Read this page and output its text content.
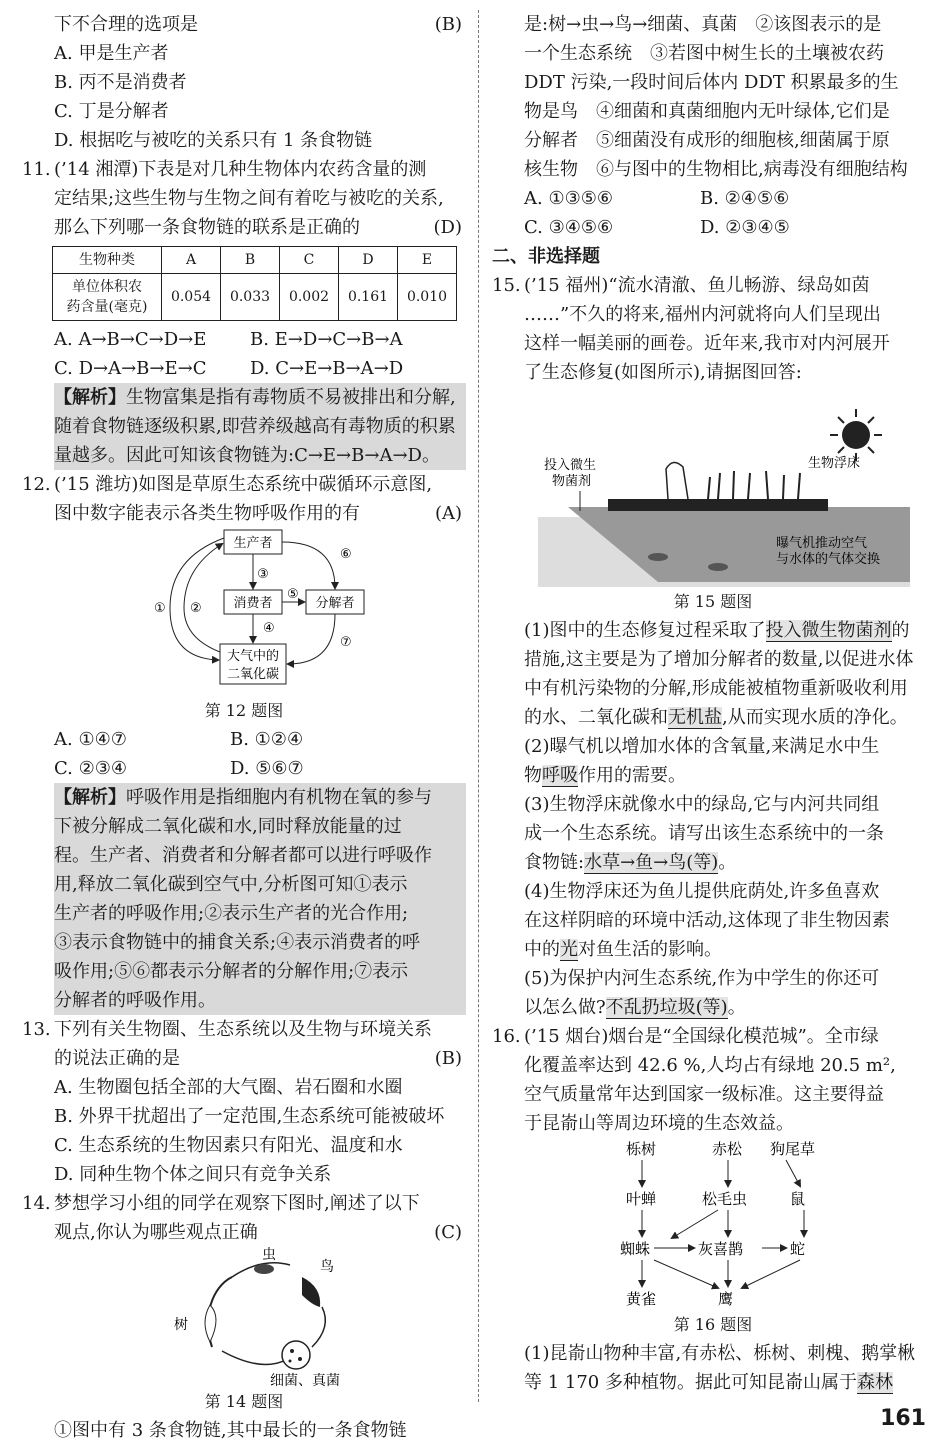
下不合理的选项是	(B)
A. 甲是生产者
B. 丙不是消费者
C. 丁是分解者
D. 根据吃与被吃的关系只有 1 条食物链
11. (’14 湘潭)下表是对几种生物体内农药含量的测
定结果;这些生物与生物之间有着吃与被吃的关系,
那么下列哪一条食物链的联系是正确的	(D)
生物种类	A	B	C	D	E
单位体积农
药含量(毫克)	0.054	0.033	0.002	0.161	0.010
A. A→B→C→D→E	B. E→D→C→B→A
C. D→A→B→E→C	D. C→E→B→A→D
【解析】生物富集是指有毒物质不易被排出和分解,
随着食物链逐级积累,即营养级越高有毒物质的积累
量越多。因此可知该食物链为:C→E→B→A→D。
12. (’15 潍坊)如图是草原生态系统中碳循环示意图,
图中数字能表示各类生物呼吸作用的有	(A)
生产者
消费者	分解者
大气中的
二氧化碳
③
④
⑤
⑥
⑦
① ②
第 12 题图
A. ①④⑦	B. ①②④
C. ②③④	D. ⑤⑥⑦
【解析】呼吸作用是指细胞内有机物在氧的参与
下被分解成二氧化碳和水,同时释放能量的过
程。生产者、消费者和分解者都可以进行呼吸作
用,释放二氧化碳到空气中,分析图可知①表示
生产者的呼吸作用;②表示生产者的光合作用;
③表示食物链中的捕食关系;④表示消费者的呼
吸作用;⑤⑥都表示分解者的分解作用;⑦表示
分解者的呼吸作用。
13. 下列有关生物圈、生态系统以及生物与环境关系
的说法正确的是	(B)
A. 生物圈包括全部的大气圈、岩石圈和水圈
B. 外界干扰超出了一定范围,生态系统可能被破坏
C. 生态系统的生物因素只有阳光、温度和水
D. 同种生物个体之间只有竞争关系
14. 梦想学习小组的同学在观察下图时,阐述了以下
观点,你认为哪些观点正确	(C)
虫
鸟
树
细菌、真菌
第 14 题图
①图中有 3 条食物链,其中最长的一条食物链
是:树→虫→鸟→细菌、真菌　②该图表示的是
一个生态系统　③若图中树生长的土壤被农药
DDT 污染,一段时间后体内 DDT 积累最多的生
物是鸟　④细菌和真菌细胞内无叶绿体,它们是
分解者　⑤细菌没有成形的细胞核,细菌属于原
核生物　⑥与图中的生物相比,病毒没有细胞结构
A. ①③⑤⑥	B. ②④⑤⑥
C. ③④⑤⑥	D. ②③④⑤
二、非选择题
15. (’15 福州)“流水清澈、鱼儿畅游、绿岛如茵
……”不久的将来,福州内河就将向人们呈现出
这样一幅美丽的画卷。近年来,我市对内河展开
了生态修复(如图所示),请据图回答:
投入微生
物菌剂
生物浮床
曝气机推动空气
与水体的气体交换
第 15 题图
(1)图中的生态修复过程采取了投入微生物菌剂的
措施,这主要是为了增加分解者的数量,以促进水体
中有机污染物的分解,形成能被植物重新吸收利用
的水、二氧化碳和无机盐,从而实现水质的净化。
(2)曝气机以增加水体的含氧量,来满足水中生
物呼吸作用的需要。
(3)生物浮床就像水中的绿岛,它与内河共同组
成一个生态系统。请写出该生态系统中的一条
食物链:水草→鱼→鸟(等)。
(4)生物浮床还为鱼儿提供庇荫处,许多鱼喜欢
在这样阴暗的环境中活动,这体现了非生物因素
中的光对鱼生活的影响。
(5)为保护内河生态系统,作为中学生的你还可
以怎么做?不乱扔垃圾(等)。
16. (’15 烟台)烟台是“全国绿化模范城”。全市绿
化覆盖率达到 42.6 %,人均占有绿地 20.5 m²,
空气质量常年达到国家一级标准。这主要得益
于昆嵛山等周边环境的生态效益。
栎树	赤松 狗尾草
叶蝉	松毛虫	鼠
蜘蛛	灰喜鹊	蛇
黄雀	鹰
第 16 题图
(1)昆嵛山物种丰富,有赤松、栎树、刺槐、鹅掌楸
等 1 170 多种植物。据此可知昆嵛山属于森林
161
